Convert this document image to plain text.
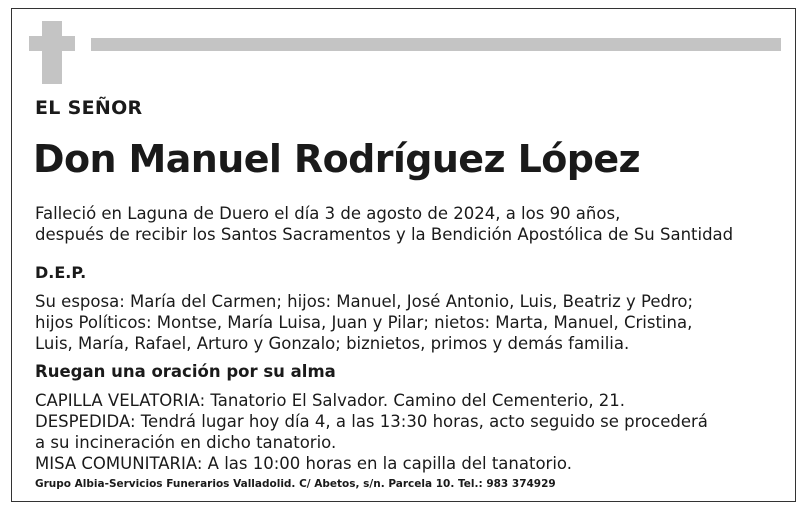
EL SEÑOR
Don Manuel Rodríguez López
Falleció en Laguna de Duero el día 3 de agosto de 2024, a los 90 años,
después de recibir los Santos Sacramentos y la Bendición Apostólica de Su Santidad
D.E.P.
Su esposa: María del Carmen; hijos: Manuel, José Antonio, Luis, Beatriz y Pedro;
hijos Políticos: Montse, María Luisa, Juan y Pilar; nietos: Marta, Manuel, Cristina,
Luis, María, Rafael, Arturo y Gonzalo; biznietos, primos y demás familia.
Ruegan una oración por su alma
CAPILLA VELATORIA: Tanatorio El Salvador. Camino del Cementerio, 21.
DESPEDIDA: Tendrá lugar hoy día 4, a las 13:30 horas, acto seguido se procederá
a su incineración en dicho tanatorio.
MISA COMUNITARIA: A las 10:00 horas en la capilla del tanatorio.
Grupo Albia-Servicios Funerarios Valladolid. C/ Abetos, s/n. Parcela 10. Tel.: 983 374929
